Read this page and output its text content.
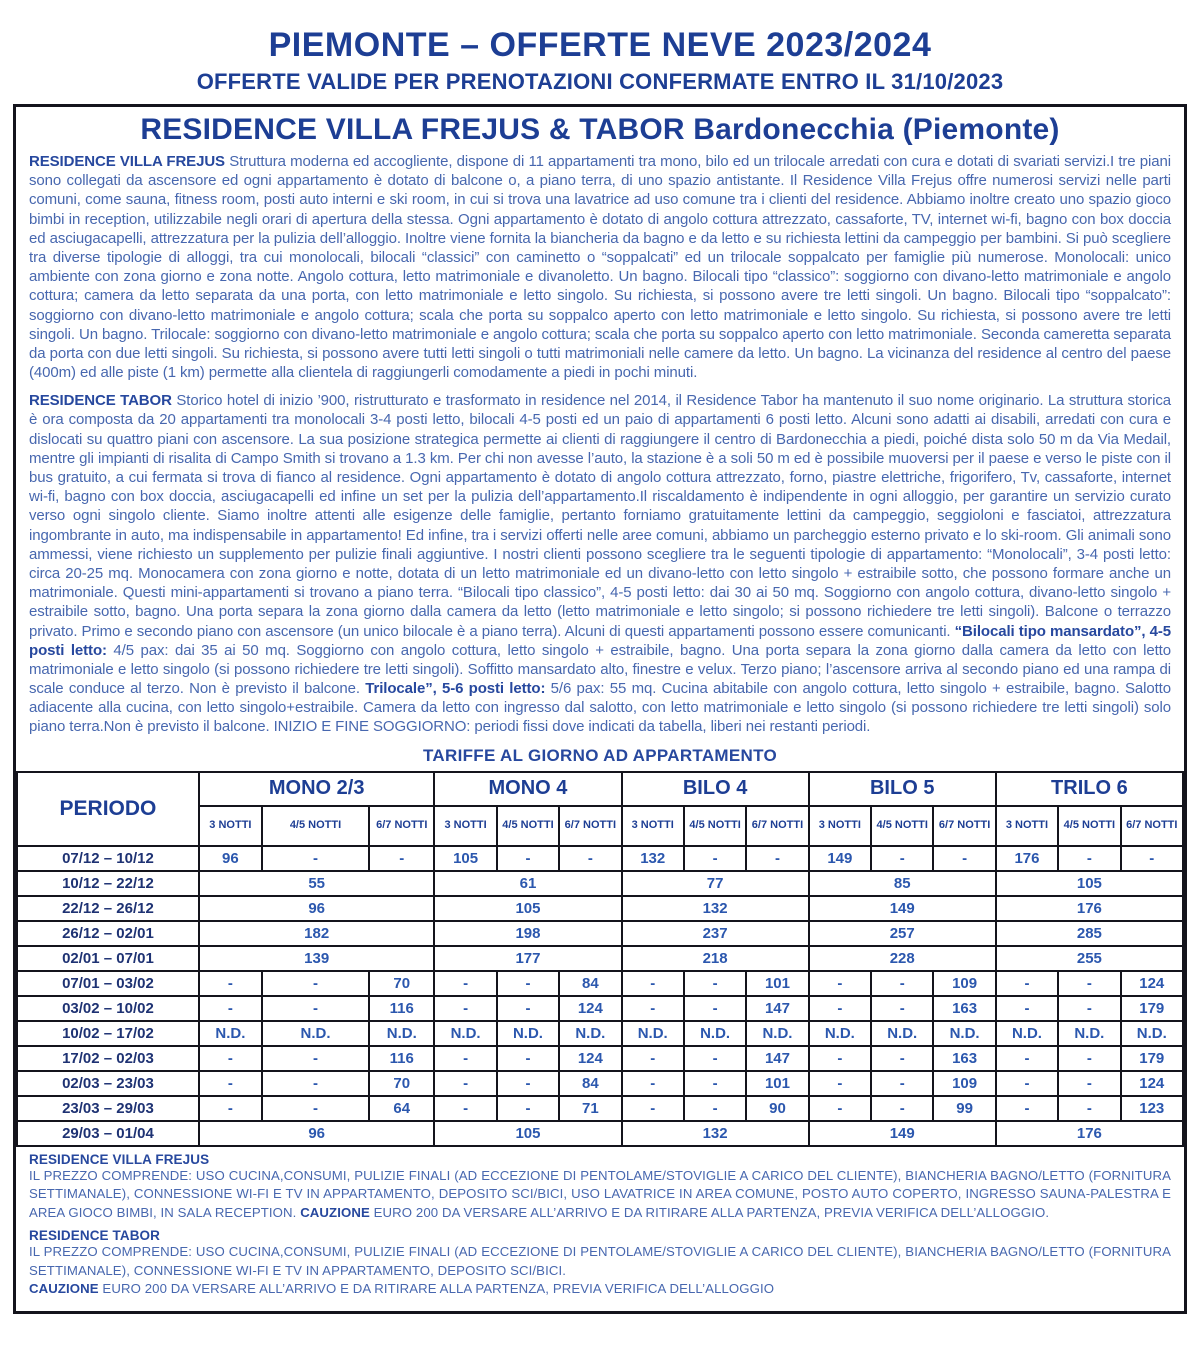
PIEMONTE – OFFERTE NEVE 2023/2024
OFFERTE VALIDE PER PRENOTAZIONI CONFERMATE ENTRO IL 31/10/2023
RESIDENCE VILLA FREJUS & TABOR Bardonecchia (Piemonte)

RESIDENCE VILLA FREJUS Struttura moderna ed accogliente, dispone di 11 appartamenti tra mono, bilo ed un trilocale arredati con cura e dotati di svariati servizi.I tre piani sono collegati da ascensore ed ogni appartamento è dotato di balcone o, a piano terra, di uno spazio antistante. Il Residence Villa Frejus offre numerosi servizi nelle parti comuni, come sauna, fitness room, posti auto interni e ski room, in cui si trova una lavatrice ad uso comune tra i clienti del residence. Abbiamo inoltre creato uno spazio gioco bimbi in reception, utilizzabile negli orari di apertura della stessa. Ogni appartamento è dotato di angolo cottura attrezzato, cassaforte, TV, internet wi-fi, bagno con box doccia ed asciugacapelli, attrezzatura per la pulizia dell’alloggio. Inoltre viene fornita la biancheria da bagno e da letto e su richiesta lettini da campeggio per bambini. Si può scegliere tra diverse tipologie di alloggi, tra cui monolocali, bilocali “classici” con caminetto o “soppalcati” ed un trilocale soppalcato per famiglie più numerose. Monolocali: unico ambiente con zona giorno e zona notte. Angolo cottura, letto matrimoniale e divanoletto. Un bagno. Bilocali tipo “classico”: soggiorno con divano-letto matrimoniale e angolo cottura; camera da letto separata da una porta, con letto matrimoniale e letto singolo. Su richiesta, si possono avere tre letti singoli. Un bagno. Bilocali tipo “soppalcato”: soggiorno con divano-letto matrimoniale e angolo cottura; scala che porta su soppalco aperto con letto matrimoniale e letto singolo. Su richiesta, si possono avere tre letti singoli. Un bagno. Trilocale: soggiorno con divano-letto matrimoniale e angolo cottura; scala che porta su soppalco aperto con letto matrimoniale. Seconda cameretta separata da porta con due letti singoli. Su richiesta, si possono avere tutti letti singoli o tutti matrimoniali nelle camere da letto. Un bagno. La vicinanza del residence al centro del paese (400m) ed alle piste (1 km) permette alla clientela di raggiungerli comodamente a piedi in pochi minuti.

RESIDENCE TABOR Storico hotel di inizio ’900, ristrutturato e trasformato in residence nel 2014, il Residence Tabor ha mantenuto il suo nome originario. La struttura storica è ora composta da 20 appartamenti tra monolocali 3-4 posti letto, bilocali 4-5 posti ed un paio di appartamenti 6 posti letto. Alcuni sono adatti ai disabili, arredati con cura e dislocati su quattro piani con ascensore. La sua posizione strategica permette ai clienti di raggiungere il centro di Bardonecchia a piedi, poiché dista solo 50 m da Via Medail, mentre gli impianti di risalita di Campo Smith si trovano a 1.3 km. Per chi non avesse l’auto, la stazione è a soli 50 m ed è possibile muoversi per il paese e verso le piste con il bus gratuito, a cui fermata si trova di fianco al residence. Ogni appartamento è dotato di angolo cottura attrezzato, forno, piastre elettriche, frigorifero, Tv, cassaforte, internet wi-fi, bagno con box doccia, asciugacapelli ed infine un set per la pulizia dell’appartamento.Il riscaldamento è indipendente in ogni alloggio, per garantire un servizio curato verso ogni singolo cliente. Siamo inoltre attenti alle esigenze delle famiglie, pertanto forniamo gratuitamente lettini da campeggio, seggioloni e fasciatoi, attrezzatura ingombrante in auto, ma indispensabile in appartamento! Ed infine, tra i servizi offerti nelle aree comuni, abbiamo un parcheggio esterno privato e lo ski-room. Gli animali sono ammessi, viene richiesto un supplemento per pulizie finali aggiuntive. I nostri clienti possono scegliere tra le seguenti tipologie di appartamento: “Monolocali”, 3-4 posti letto: circa 20-25 mq. Monocamera con zona giorno e notte, dotata di un letto matrimoniale ed un divano-letto con letto singolo + estraibile sotto, che possono formare anche un matrimoniale. Questi mini-appartamenti si trovano a piano terra. “Bilocali tipo classico”, 4-5 posti letto: dai 30 ai 50 mq. Soggiorno con angolo cottura, divano-letto singolo + estraibile sotto, bagno. Una porta separa la zona giorno dalla camera da letto (letto matrimoniale e letto singolo; si possono richiedere tre letti singoli). Balcone o terrazzo privato. Primo e secondo piano con ascensore (un unico bilocale è a piano terra). Alcuni di questi appartamenti possono essere comunicanti. “Bilocali tipo mansardato”, 4-5 posti letto: 4/5 pax: dai 35 ai 50 mq. Soggiorno con angolo cottura, letto singolo + estraibile, bagno. Una porta separa la zona giorno dalla camera da letto con letto matrimoniale e letto singolo (si possono richiedere tre letti singoli). Soffitto mansardato alto, finestre e velux. Terzo piano; l’ascensore arriva al secondo piano ed una rampa di scale conduce al terzo. Non è previsto il balcone. Trilocale”, 5-6 posti letto: 5/6 pax: 55 mq. Cucina abitabile con angolo cottura, letto singolo + estraibile, bagno. Salotto adiacente alla cucina, con letto singolo+estraibile. Camera da letto con ingresso dal salotto, con letto matrimoniale e letto singolo (si possono richiedere tre letti singoli) solo piano terra.Non è previsto il balcone. INIZIO E FINE SOGGIORNO: periodi fissi dove indicati da tabella, liberi nei restanti periodi.

TARIFFE AL GIORNO AD APPARTAMENTO
PERIODO	MONO 2/3			MONO 4			BILO 4			BILO 5			TRILO 6		
	3 NOTTI	4/5 NOTTI	6/7 NOTTI	3 NOTTI	4/5 NOTTI	6/7 NOTTI	3 NOTTI	4/5 NOTTI	6/7 NOTTI	3 NOTTI	4/5 NOTTI	6/7 NOTTI	3 NOTTI	4/5 NOTTI	6/7 NOTTI
07/12 – 10/12	96	-	-	105	-	-	132	-	-	149	-	-	176	-	-
10/12 – 22/12	55			61			77			85			105		
22/12 – 26/12	96			105			132			149			176		
26/12 – 02/01	182			198			237			257			285		
02/01 – 07/01	139			177			218			228			255		
07/01 – 03/02	-	-	70	-	-	84	-	-	101	-	-	109	-	-	124
03/02 – 10/02	-	-	116	-	-	124	-	-	147	-	-	163	-	-	179
10/02 – 17/02	N.D.	N.D.	N.D.	N.D.	N.D.	N.D.	N.D.	N.D.	N.D.	N.D.	N.D.	N.D.	N.D.	N.D.	N.D.
17/02 – 02/03	-	-	116	-	-	124	-	-	147	-	-	163	-	-	179
02/03 – 23/03	-	-	70	-	-	84	-	-	101	-	-	109	-	-	124
23/03 – 29/03	-	-	64	-	-	71	-	-	90	-	-	99	-	-	123
29/03 – 01/04	96			105			132			149			176		
RESIDENCE VILLA FREJUS
IL PREZZO COMPRENDE: USO CUCINA,CONSUMI, PULIZIE FINALI (AD ECCEZIONE DI PENTOLAME/STOVIGLIE A CARICO DEL CLIENTE), BIANCHERIA BAGNO/LETTO (FORNITURA SETTIMANALE), CONNESSIONE WI-FI E TV IN APPARTAMENTO, DEPOSITO SCI/BICI, USO LAVATRICE IN AREA COMUNE, POSTO AUTO COPERTO, INGRESSO SAUNA-PALESTRA E AREA GIOCO BIMBI, IN SALA RECEPTION. CAUZIONE EURO 200 DA VERSARE ALL’ARRIVO E DA RITIRARE ALLA PARTENZA, PREVIA VERIFICA DELL’ALLOGGIO.
RESIDENCE TABOR
IL PREZZO COMPRENDE: USO CUCINA,CONSUMI, PULIZIE FINALI (AD ECCEZIONE DI PENTOLAME/STOVIGLIE A CARICO DEL CLIENTE), BIANCHERIA BAGNO/LETTO (FORNITURA SETTIMANALE), CONNESSIONE WI-FI E TV IN APPARTAMENTO, DEPOSITO SCI/BICI.
CAUZIONE EURO 200 DA VERSARE ALL’ARRIVO E DA RITIRARE ALLA PARTENZA, PREVIA VERIFICA DELL’ALLOGGIO
